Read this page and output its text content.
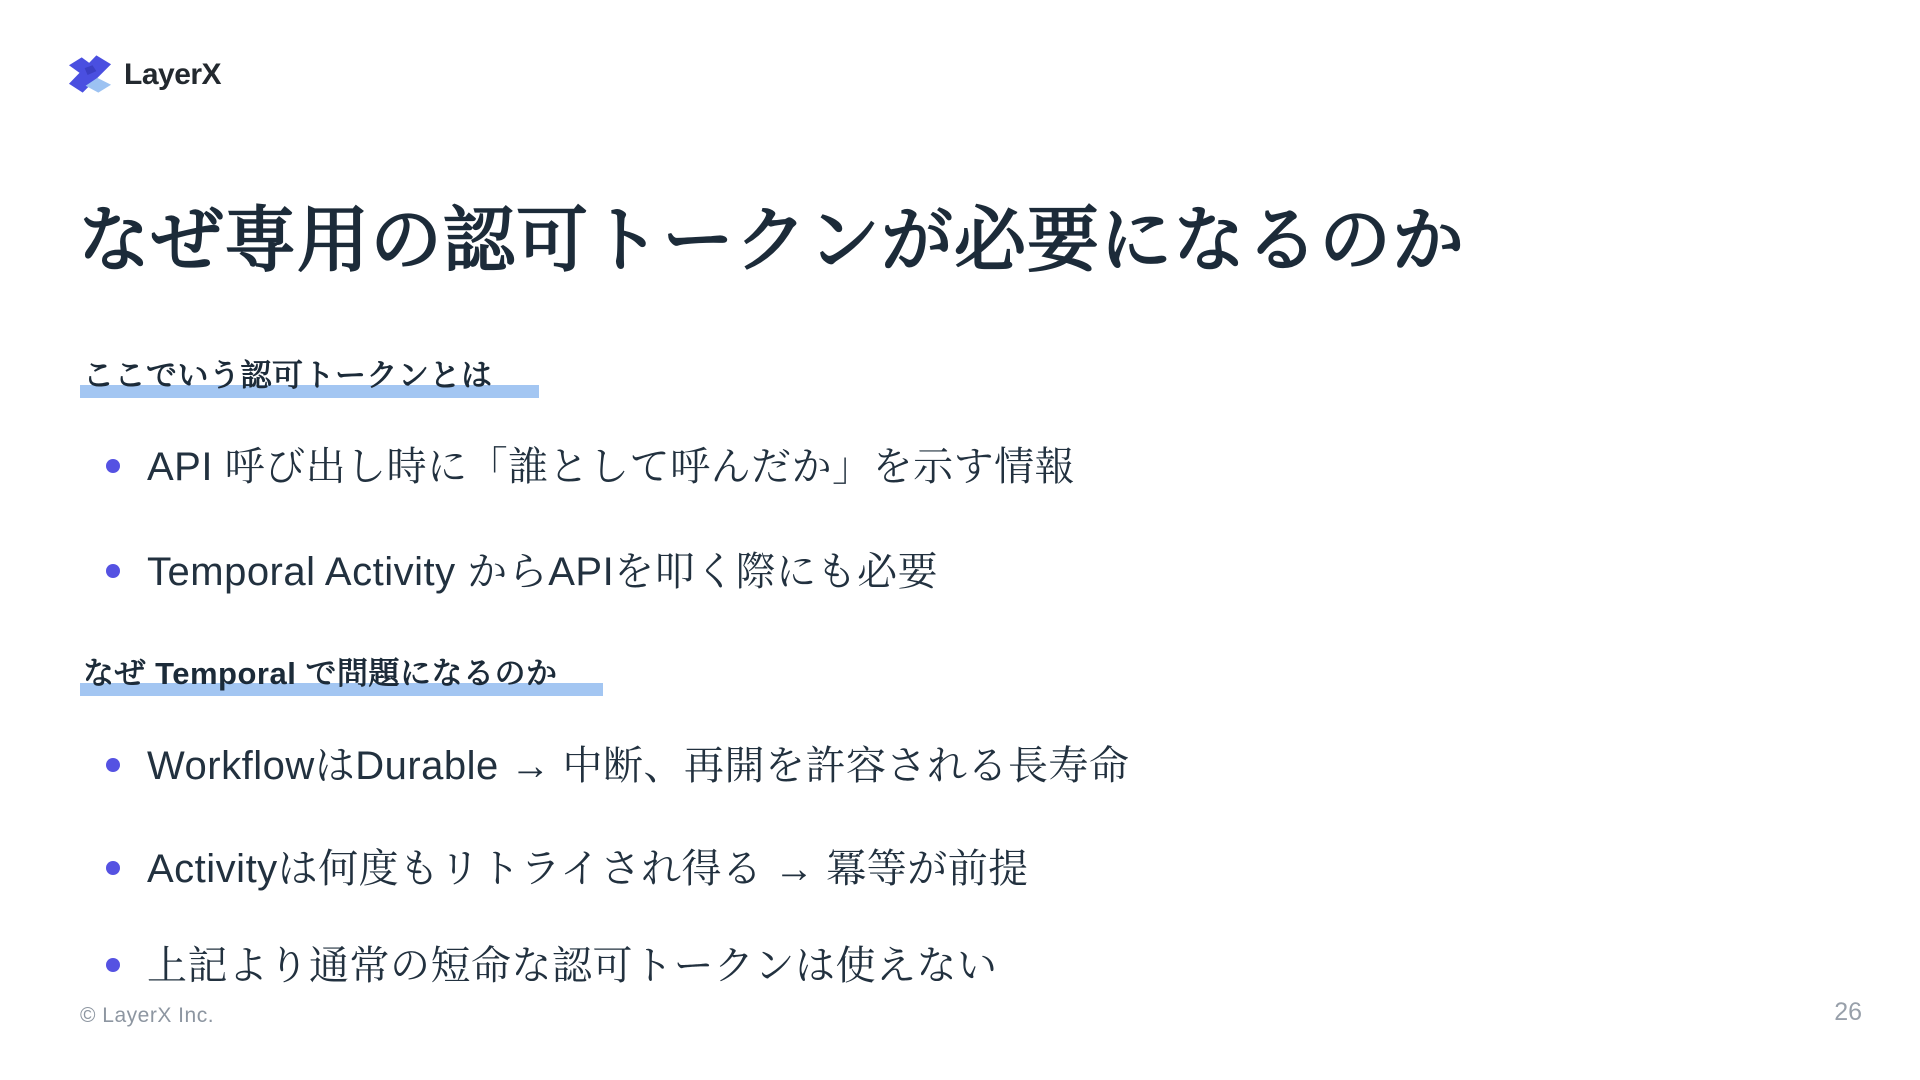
LayerX
なぜ専用の認可トークンが必要になるのか
ここでいう認可トークンとは
API 呼び出し時に「誰として呼んだか」を示す情報
Temporal Activity からAPIを叩く際にも必要
なぜ Temporal で問題になるのか
WorkflowはDurable → 中断、再開を許容される長寿命
Activityは何度もリトライされ得る → 冪等が前提
上記より通常の短命な認可トークンは使えない
© LayerX Inc.	26
